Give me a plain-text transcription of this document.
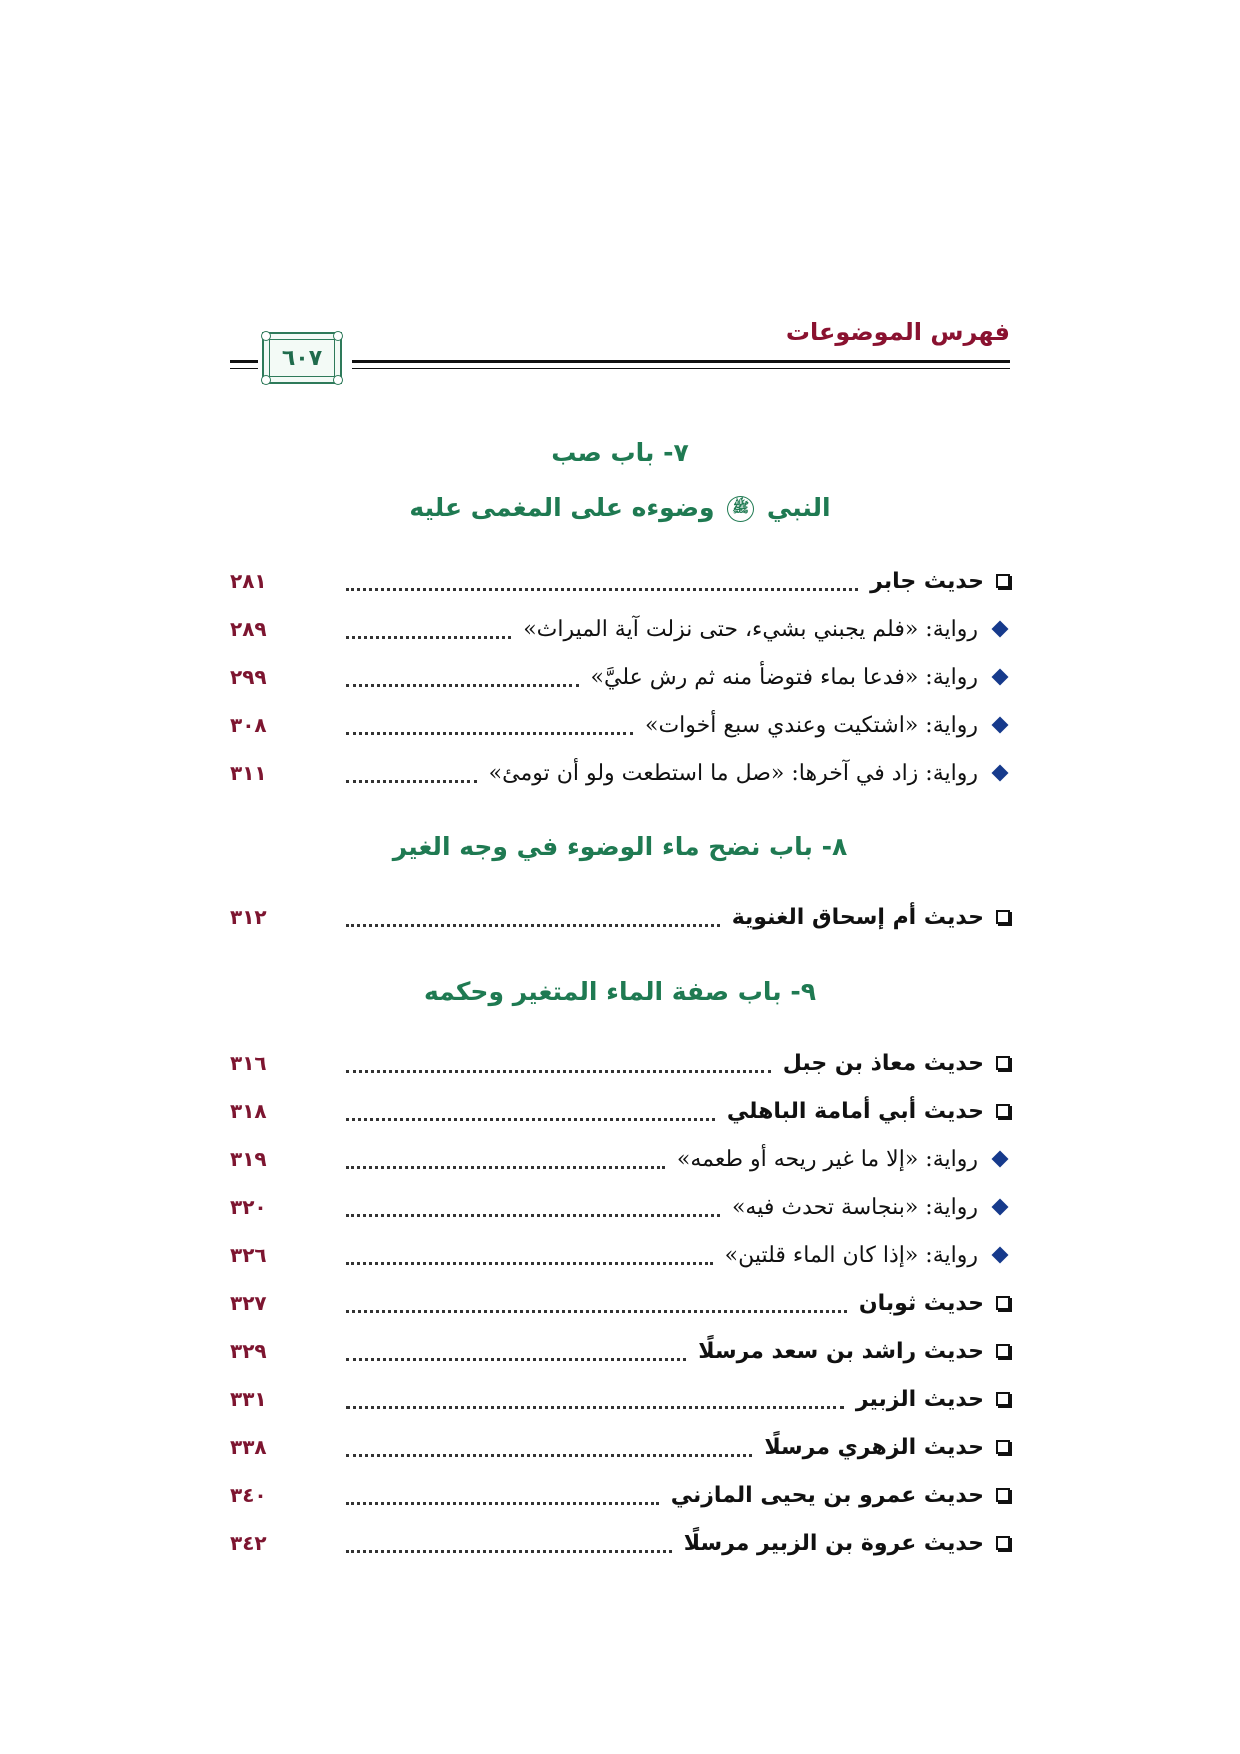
فهرس الموضوعات
٦٠٧
٧- باب صب
النبي ﷺ وضوءه على المغمى عليه
حديث جابر
٢٨١
رواية: «فلم يجبني بشيء، حتى نزلت آية الميراث»
٢٨٩
رواية: «فدعا بماء فتوضأ منه ثم رش عليَّ»
٢٩٩
رواية: «اشتكيت وعندي سبع أخوات»
٣٠٨
رواية: زاد في آخرها: «صل ما استطعت ولو أن تومئ»
٣١١
٨- باب نضح ماء الوضوء في وجه الغير
حديث أم إسحاق الغنوية
٣١٢
٩- باب صفة الماء المتغير وحكمه
حديث معاذ بن جبل
٣١٦
حديث أبي أمامة الباهلي
٣١٨
رواية: «إلا ما غير ريحه أو طعمه»
٣١٩
رواية: «بنجاسة تحدث فيه»
٣٢٠
رواية: «إذا كان الماء قلتين»
٣٢٦
حديث ثوبان
٣٢٧
حديث راشد بن سعد مرسلًا
٣٢٩
حديث الزبير
٣٣١
حديث الزهري مرسلًا
٣٣٨
حديث عمرو بن يحيى المازني
٣٤٠
حديث عروة بن الزبير مرسلًا
٣٤٢
